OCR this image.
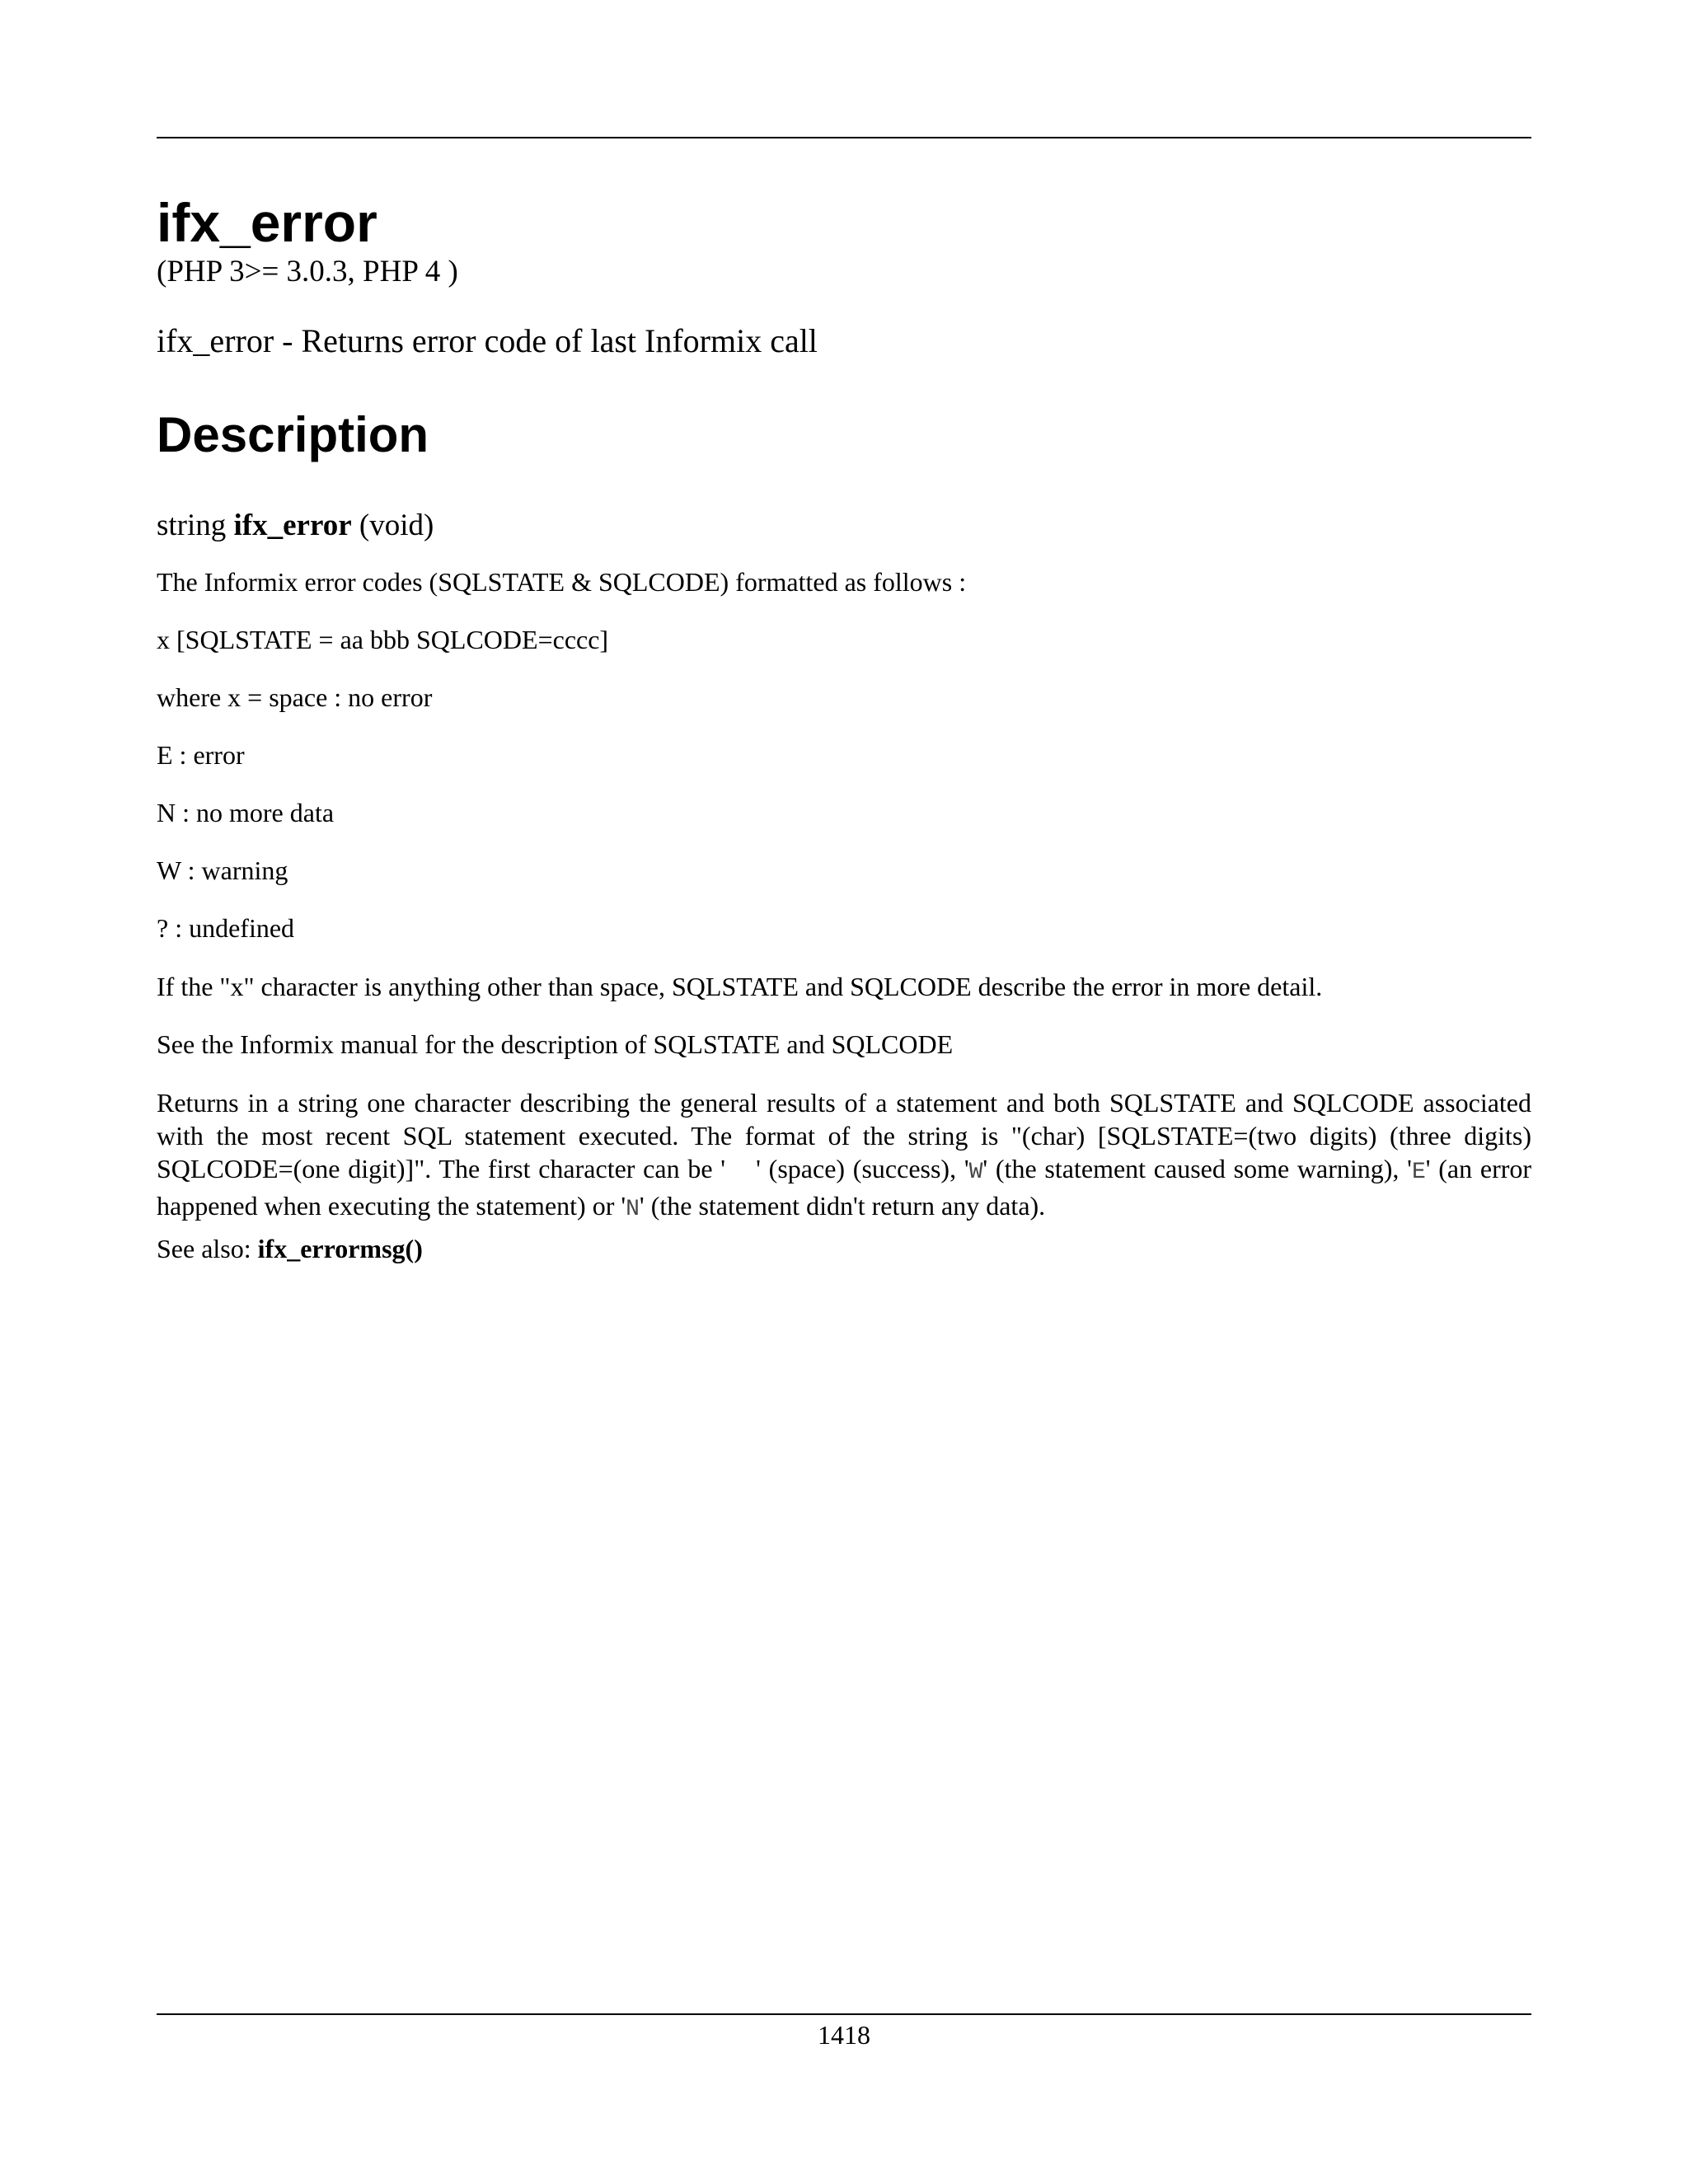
ifx_error
(PHP 3>= 3.0.3, PHP 4 )
ifx_error - Returns error code of last Informix call
Description
string ifx_error (void)

The Informix error codes (SQLSTATE & SQLCODE) formatted as follows :

x [SQLSTATE = aa bbb SQLCODE=cccc]

where x = space : no error

E : error

N : no more data

W : warning

? : undefined

If the "x" character is anything other than space, SQLSTATE and SQLCODE describe the error in more detail.

See the Informix manual for the description of SQLSTATE and SQLCODE

Returns in a string one character describing the general results of a statement and both SQLSTATE and SQLCODE associated with the most recent SQL statement executed. The format of the string is "(char) [SQLSTATE=(two digits) (three digits) SQLCODE=(one digit)]". The first character can be ' ' (space) (success), 'W' (the statement caused some warning), 'E' (an error happened when executing the statement) or 'N' (the statement didn't return any data).

See also: ifx_errormsg()

1418
